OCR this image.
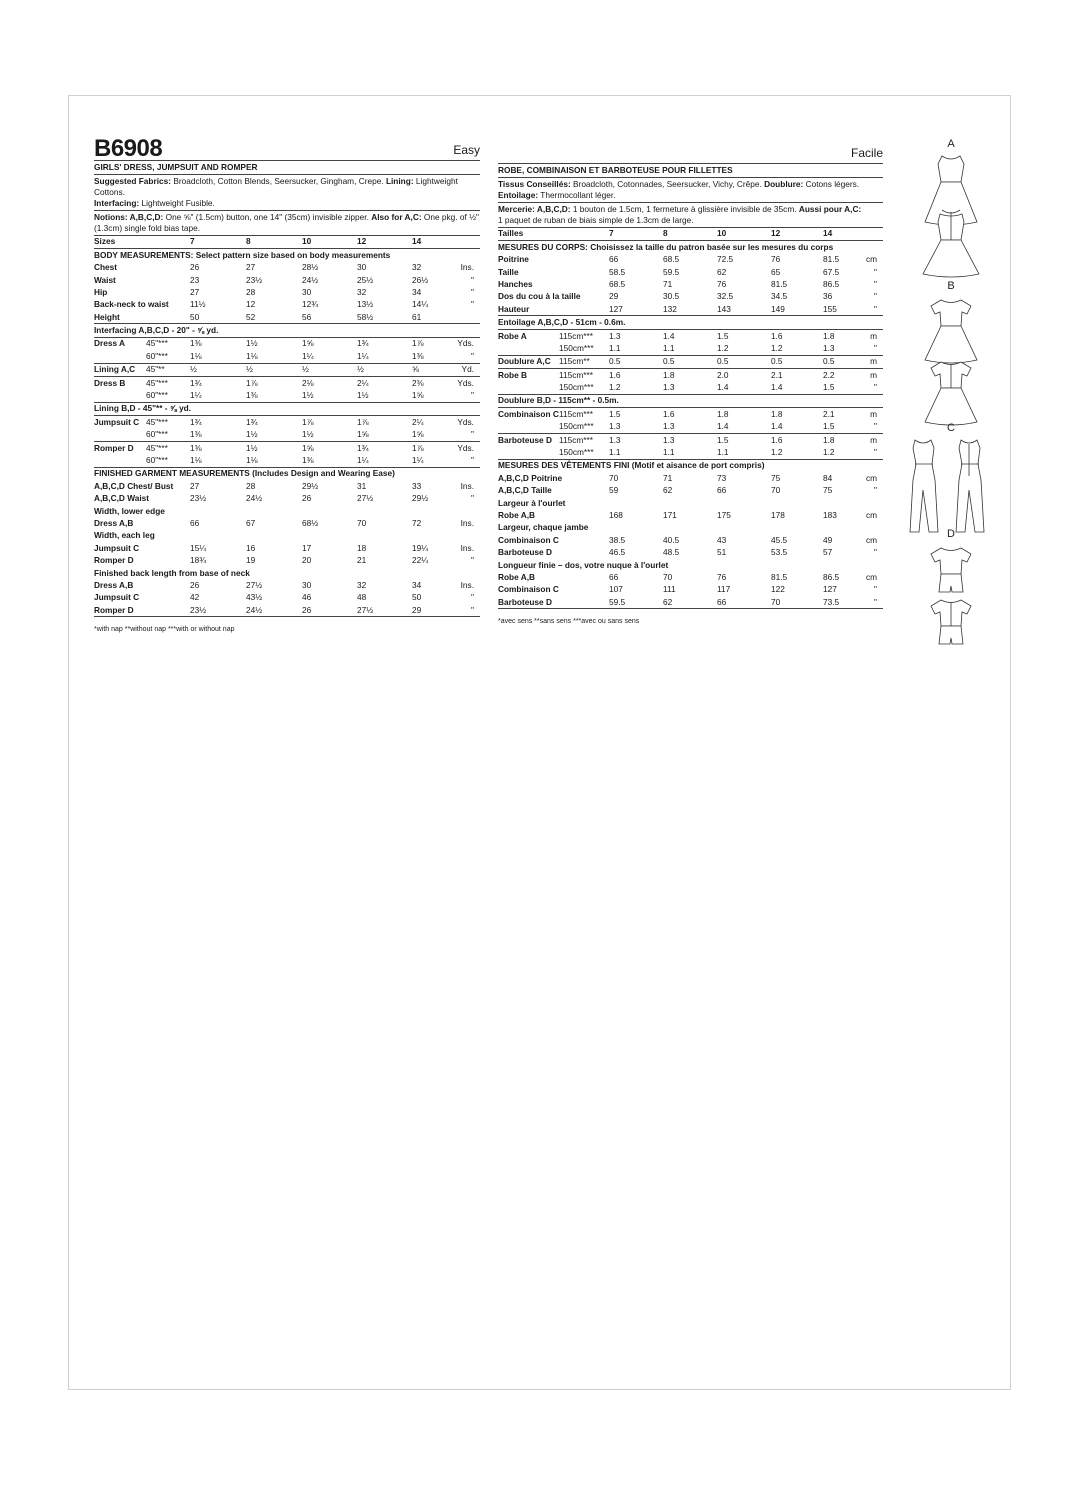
B6908	Easy
GIRLS' DRESS, JUMPSUIT AND ROMPER
Suggested Fabrics: Broadcloth, Cotton Blends, Seersucker, Gingham, Crepe. Lining: Lightweight Cottons.
Interfacing: Lightweight Fusible.
Notions: A,B,C,D: One ⅝" (1.5cm) button, one 14" (35cm) invisible zipper. Also for A,C: One pkg. of ½" (1.3cm) single fold bias tape.
Sizes		7	8	10	12	14	
BODY MEASUREMENTS: Select pattern size based on body measurements							
Chest		26	27	28½	30	32	Ins.
Waist		23	23½	24½	25½	26½	"
Hip		27	28	30	32	34	"
Back-neck to waist		11½	12	12¾	13½	14¼	"
Height		50	52	56	58½	61	
Interfacing A,B,C,D - 20" - ⅝ yd.							
Dress A	45"***	1⅜	1½	1⅝	1¾	1⅞	Yds.
	60"***	1⅛	1⅛	1¼	1¼	1⅜	"
Lining A,C	45"**	½	½	½	½	⅝	Yd.
Dress B	45"***	1¾	1⅞	2⅛	2¼	2⅜	Yds.
	60"***	1¼	1⅜	1½	1½	1⅝	"
Lining B,D - 45"** - ⅝ yd.							
Jumpsuit C	45"***	1¾	1¾	1⅞	1⅞	2¼	Yds.
	60"***	1⅜	1½	1½	1⅝	1⅝	"
Romper D	45"***	1⅜	1½	1⅝	1¾	1⅞	Yds.
	60"***	1⅛	1⅛	1⅜	1¼	1¼	"
FINISHED GARMENT MEASUREMENTS (Includes Design and Wearing Ease)							
A,B,C,D Chest/ Bust		27	28	29½	31	33	Ins.
A,B,C,D Waist		23½	24½	26	27½	29½	"
Width, lower edge							
Dress A,B		66	67	68½	70	72	Ins.
Width, each leg							
Jumpsuit C		15¼	16	17	18	19¼	Ins.
Romper D		18¾	19	20	21	22¼	"
Finished back length from base of neck							
Dress A,B		26	27½	30	32	34	Ins.
Jumpsuit C		42	43½	46	48	50	"
Romper D		23½	24½	26	27½	29	"
*with nap **without nap ***with or without nap
Facile
ROBE, COMBINAISON ET BARBOTEUSE POUR FILLETTES
Tissus Conseillés: Broadcloth, Cotonnades, Seersucker, Vichy, Crêpe. Doublure: Cotons légers.
Entoilage: Thermocollant léger.
Mercerie: A,B,C,D: 1 bouton de 1.5cm, 1 fermeture à glissière invisible de 35cm. Aussi pour A,C:
1 paquet de ruban de biais simple de 1.3cm de large.
Tailles		7	8	10	12	14	
MESURES DU CORPS: Choisissez la taille du patron basée sur les mesures du corps							
Poitrine		66	68.5	72.5	76	81.5	cm
Taille		58.5	59.5	62	65	67.5	"
Hanches		68.5	71	76	81.5	86.5	"
Dos du cou à la taille		29	30.5	32.5	34.5	36	"
Hauteur		127	132	143	149	155	"
Entoilage A,B,C,D - 51cm - 0.6m.							
Robe A	115cm***	1.3	1.4	1.5	1.6	1.8	m
	150cm***	1.1	1.1	1.2	1.2	1.3	"
Doublure A,C	115cm**	0.5	0.5	0.5	0.5	0.5	m
Robe B	115cm***	1.6	1.8	2.0	2.1	2.2	m
	150cm***	1.2	1.3	1.4	1.4	1.5	"
Doublure B,D - 115cm** - 0.5m.							
Combinaison C	115cm***	1.5	1.6	1.8	1.8	2.1	m
	150cm***	1.3	1.3	1.4	1.4	1.5	"
Barboteuse D	115cm***	1.3	1.3	1.5	1.6	1.8	m
	150cm***	1.1	1.1	1.1	1.2	1.2	"
MESURES DES VÊTEMENTS FINI (Motif et aisance de port compris)							
A,B,C,D Poitrine		70	71	73	75	84	cm
A,B,C,D Taille		59	62	66	70	75	"
Largeur à l'ourlet							
Robe A,B		168	171	175	178	183	cm
Largeur, chaque jambe							
Combinaison C		38.5	40.5	43	45.5	49	cm
Barboteuse D		46.5	48.5	51	53.5	57	"
Longueur finie – dos, votre nuque à l'ourlet							
Robe A,B		66	70	76	81.5	86.5	cm
Combinaison C		107	111	117	122	127	"
Barboteuse D		59.5	62	66	70	73.5	"
*avec sens **sans sens ***avec ou sans sens
A
B
C
D
